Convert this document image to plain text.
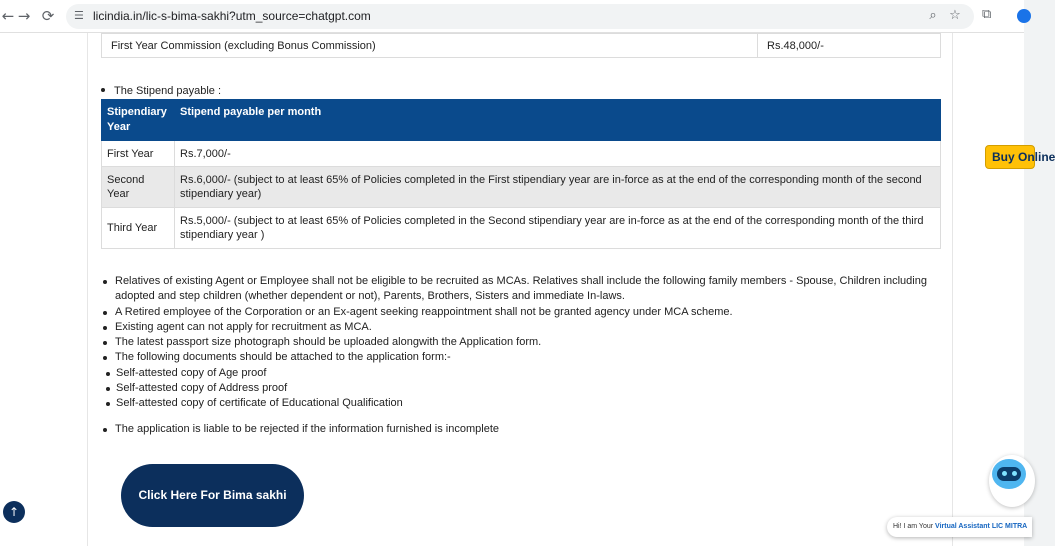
← → ⟳	☰ licindia.in/lic-s-bima-sakhi?utm_source=chatgpt.com	⌕ ☆ ⧉
First Year Commission (excluding Bonus Commission)	Rs.48,000/-
The Stipend payable :
Stipendiary Year	Stipend payable per month
First Year	Rs.7,000/-
Second Year	Rs.6,000/- (subject to at least 65% of Policies completed in the First stipendiary year are in-force as at the end of the corresponding month of the second stipendiary year)
Third Year	Rs.5,000/- (subject to at least 65% of Policies completed in the Second stipendiary year are in-force as at the end of the corresponding month of the third stipendiary year )
Relatives of existing Agent or Employee shall not be eligible to be recruited as MCAs. Relatives shall include the following family members - Spouse, Children including adopted and step children (whether dependent or not), Parents, Brothers, Sisters and immediate In-laws.
A Retired employee of the Corporation or an Ex-agent seeking reappointment shall not be granted agency under MCA scheme.
Existing agent can not apply for recruitment as MCA.
The latest passport size photograph should be uploaded alongwith the Application form.
The following documents should be attached to the application form:-
Self-attested copy of Age proof
Self-attested copy of Address proof
Self-attested copy of certificate of Educational Qualification
The application is liable to be rejected if the information furnished is incomplete
Click Here For Bima sakhi
↑
Buy Online
Hi! I am Your Virtual Assistant LIC MITRA
